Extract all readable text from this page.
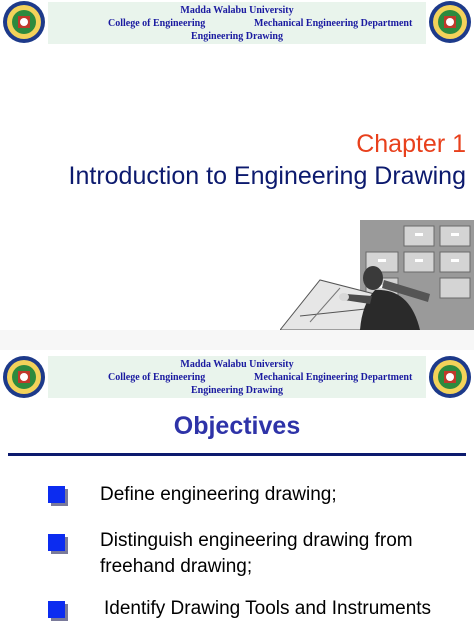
Madda Walabu University
College of Engineering	Mechanical Engineering Department
Engineering Drawing
Chapter 1
Introduction to Engineering Drawing
Madda Walabu University
College of Engineering	Mechanical Engineering Department
Engineering Drawing
Objectives
Define engineering drawing;
Distinguish engineering drawing from freehand drawing;
Identify Drawing Tools and Instruments
